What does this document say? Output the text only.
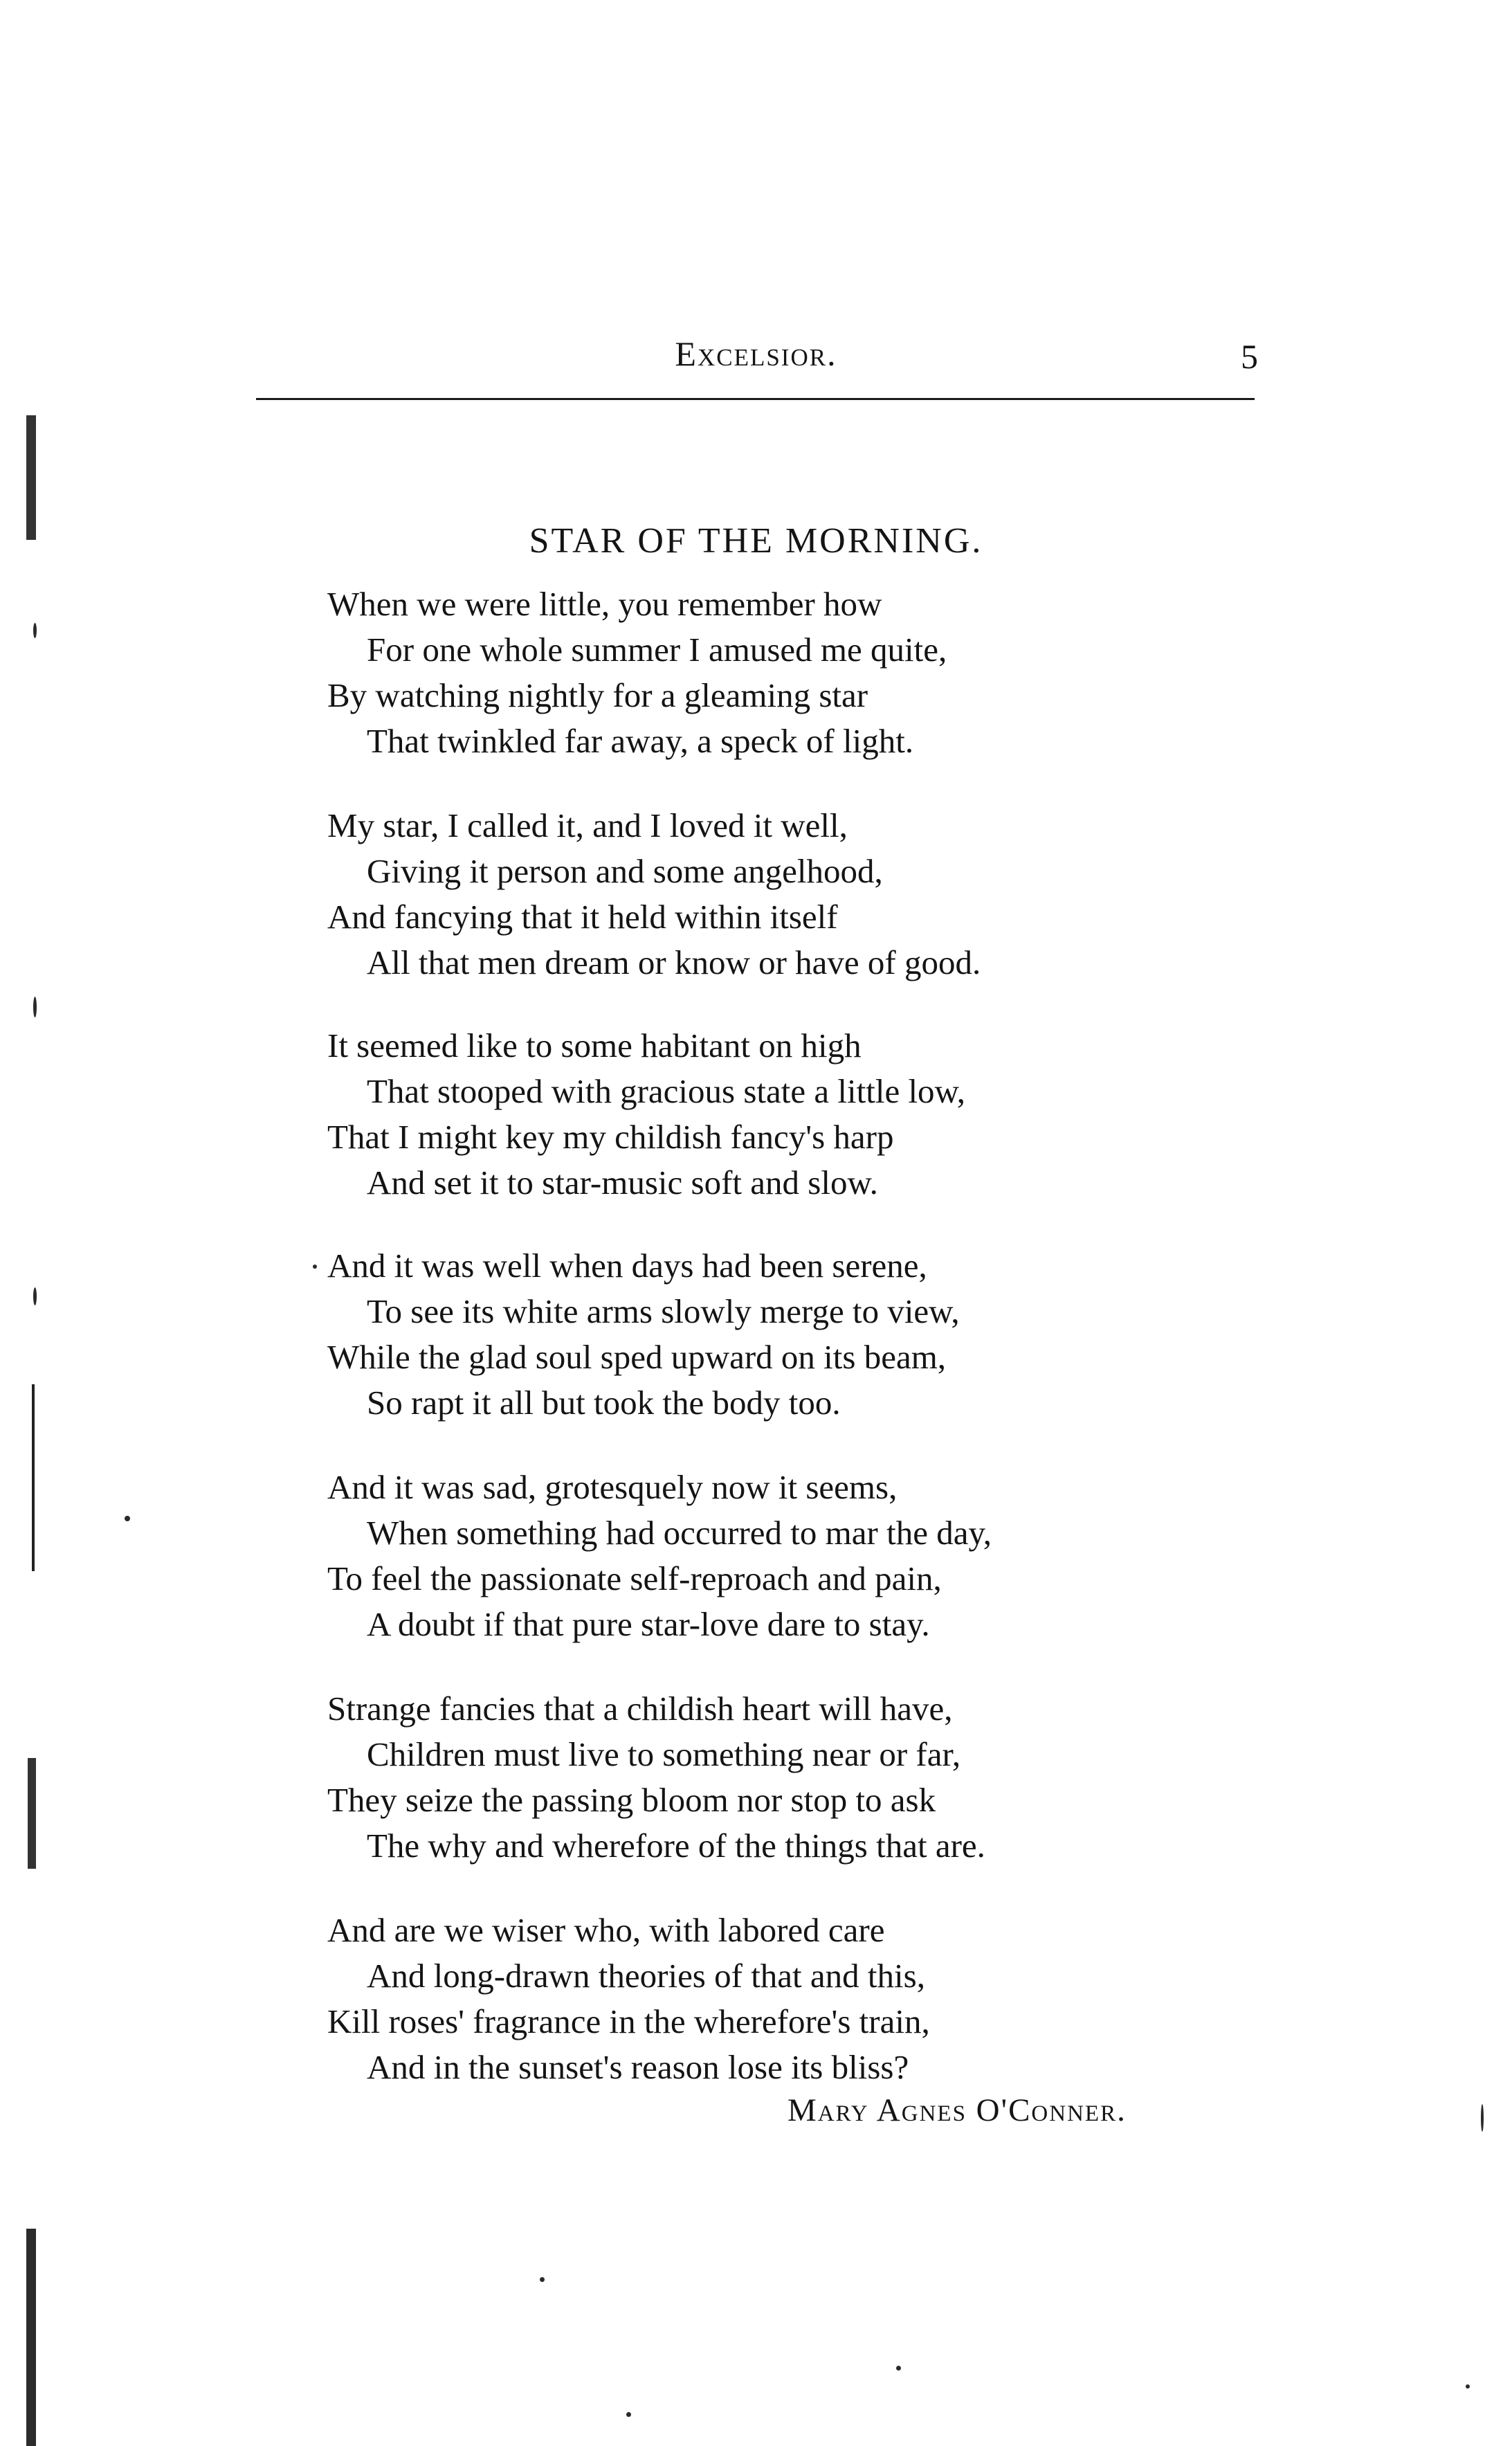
Excelsior.	5
STAR OF THE MORNING.
When we were little, you remember how
For one whole summer I amused me quite,
By watching nightly for a gleaming star
That twinkled far away, a speck of light.
My star, I called it, and I loved it well,
Giving it person and some angelhood,
And fancying that it held within itself
All that men dream or know or have of good.
It seemed like to some habitant on high
That stooped with gracious state a little low,
That I might key my childish fancy's harp
And set it to star-music soft and slow.
And it was well when days had been serene,
To see its white arms slowly merge to view,
While the glad soul sped upward on its beam,
So rapt it all but took the body too.
And it was sad, grotesquely now it seems,
When something had occurred to mar the day,
To feel the passionate self-reproach and pain,
A doubt if that pure star-love dare to stay.
Strange fancies that a childish heart will have,
Children must live to something near or far,
They seize the passing bloom nor stop to ask
The why and wherefore of the things that are.
And are we wiser who, with labored care
And long-drawn theories of that and this,
Kill roses' fragrance in the wherefore's train,
And in the sunset's reason lose its bliss?
Mary Agnes O'Conner.
